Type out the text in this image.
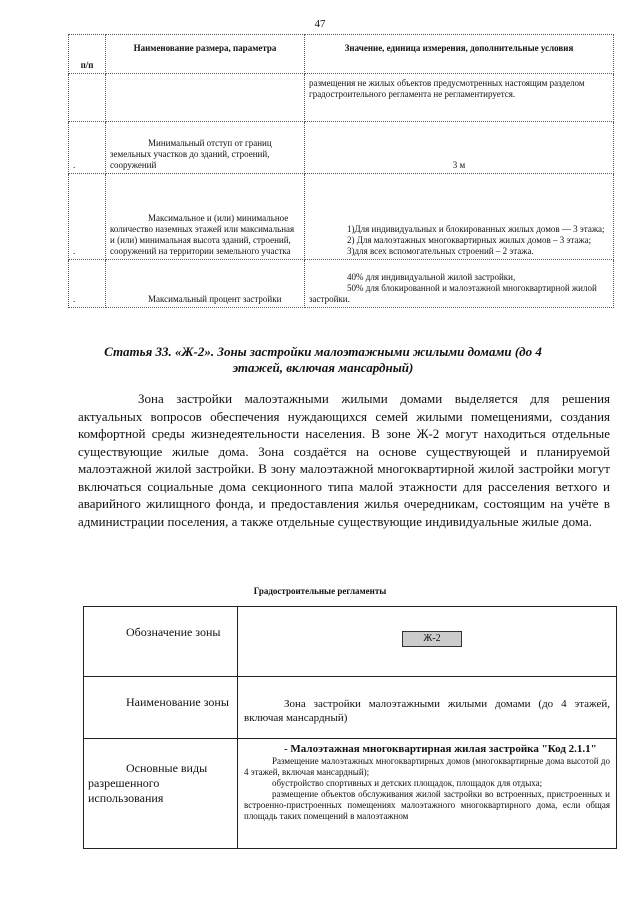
47
п/п	Наименование размера, параметра	Значение, единица измерения, дополнительные условия

		размещения не жилых объектов предусмотренных настоящим разделом градостроительного регламента не регламентируется.

.	Минимальный отступ от границ земельных участков до зданий, строений, сооружений	3 м

.	Максимальное и (или) минимальное количество наземных этажей или максимальная и (или) минимальная высота зданий, строений, сооружений на территории земельного участка	1)Для индивидуальных и блокированных жилых домов — 3 этажа;
2) Для малоэтажных многоквартирных жилых домов – 3 этажа;
3)для всех вспомогательных строений – 2 этажа.

.	Максимальный процент застройки	40% для индивидуальной жилой застройки,
50% для блокированной и малоэтажной многоквартирной жилой застройки.
Статья 33. «Ж-2». Зоны застройки малоэтажными жилыми домами (до 4 этажей, включая мансардный)
Зона застройки малоэтажными жилыми домами выделяется для решения актуальных вопросов обеспечения нуждающихся семей жилыми помещениями, создания комфортной среды жизнедеятельности населения. В зоне Ж-2 могут находиться отдельные существующие жилые дома. Зона создаётся на основе существующей и планируемой малоэтажной жилой застройки. В зону малоэтажной многоквартирной жилой застройки могут включаться социальные дома секционного типа малой этажности для расселения ветхого и аварийного жилищного фонда, и предоставления жилья очередникам, состоящим на учёте в администрации поселения, а также отдельные существующие индивидуальные жилые дома.
Градостроительные регламенты
Обозначение зоны	Ж-2

Наименование зоны	Зона застройки малоэтажными жилыми домами (до 4 этажей, включая мансардный)

Основные виды разрешенного использования	- Малоэтажная многоквартирная жилая застройка "Код 2.1.1"
Размещение малоэтажных многоквартирных домов (многоквартирные дома высотой до 4 этажей, включая мансардный);
обустройство спортивных и детских площадок, площадок для отдыха;
размещение объектов обслуживания жилой застройки во встроенных, пристроенных и встроенно-пристроенных помещениях малоэтажного многоквартирного дома, если общая площадь таких помещений в малоэтажном
